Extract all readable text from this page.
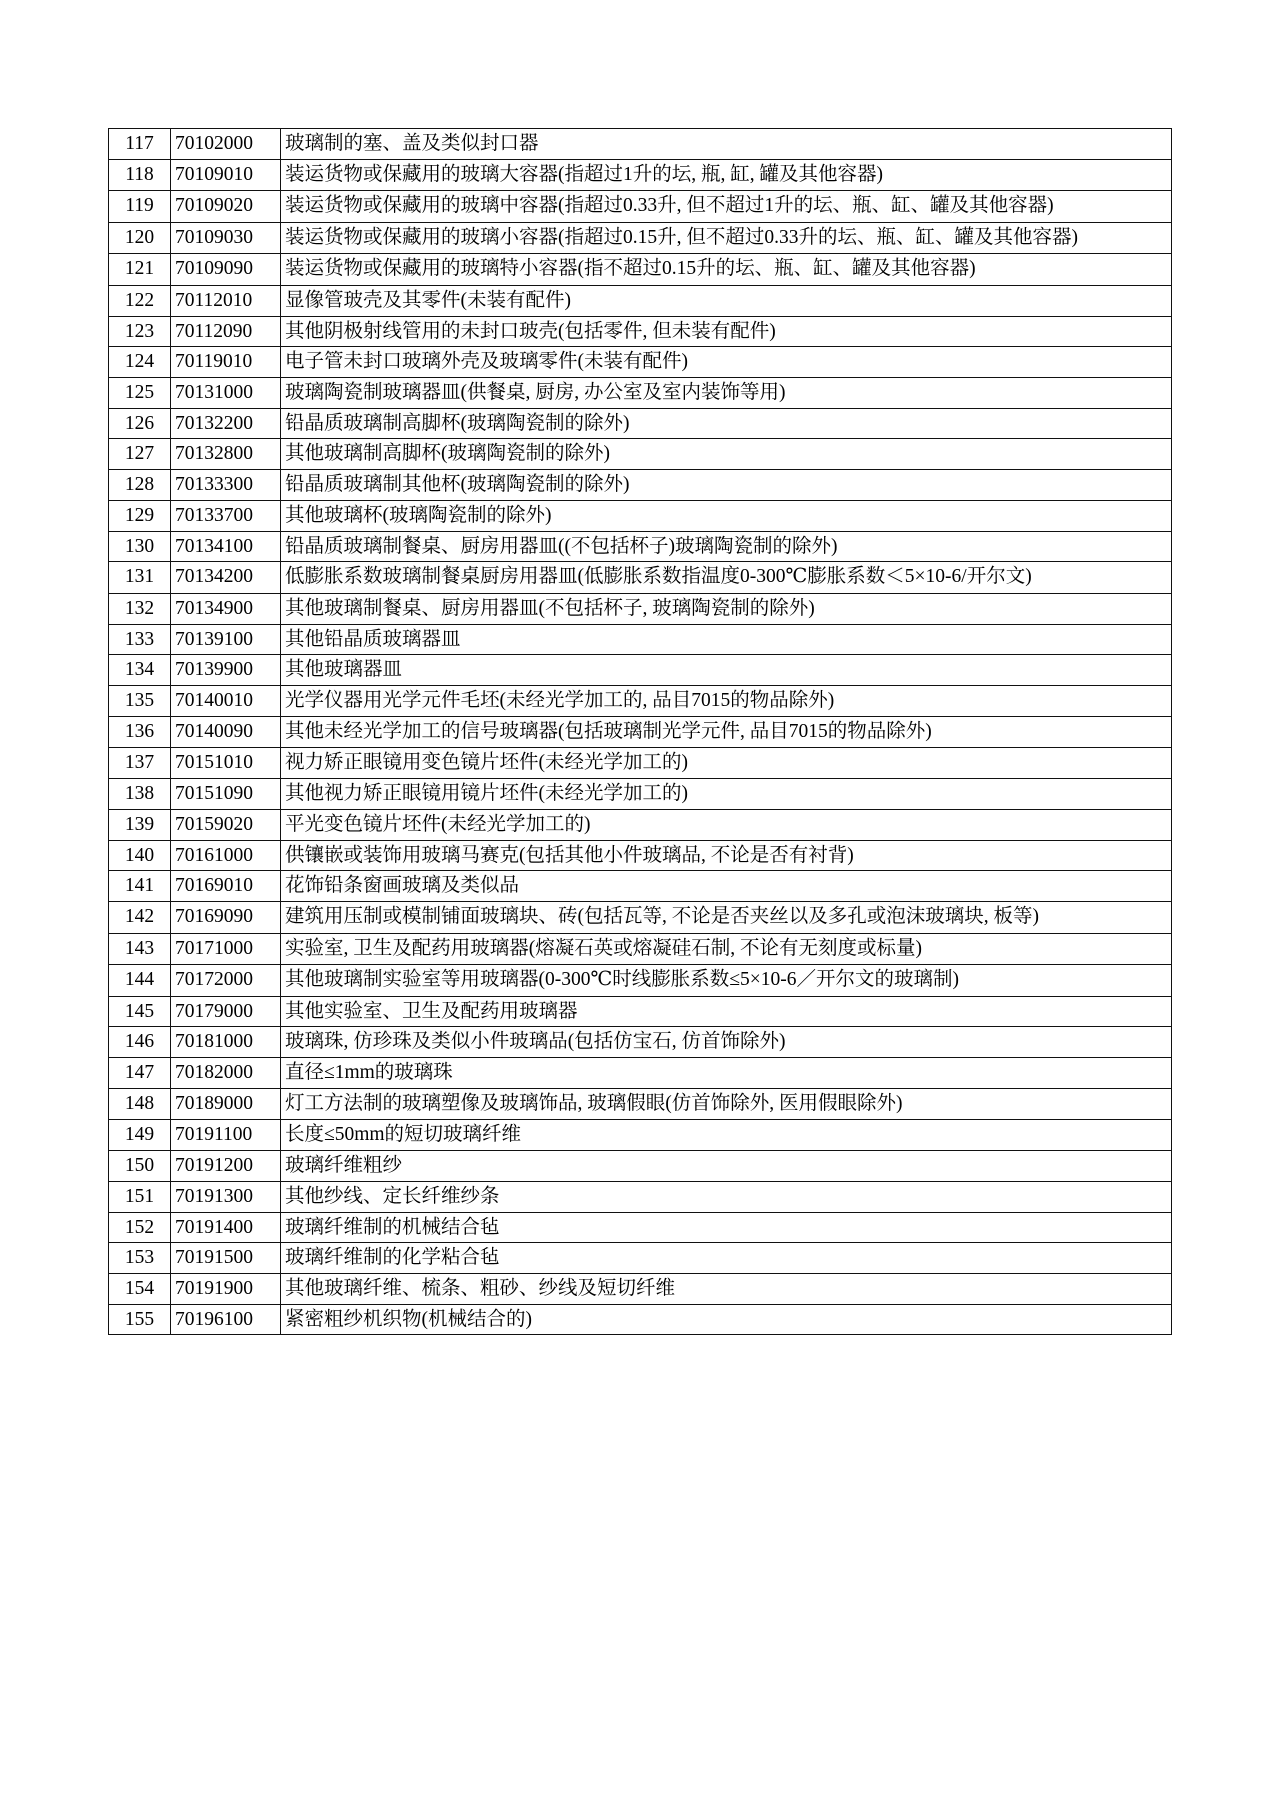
117	70102000	玻璃制的塞、盖及类似封口器
118	70109010	装运货物或保藏用的玻璃大容器(指超过1升的坛, 瓶, 缸, 罐及其他容器)
119	70109020	装运货物或保藏用的玻璃中容器(指超过0.33升, 但不超过1升的坛、瓶、缸、罐及其他容器)
120	70109030	装运货物或保藏用的玻璃小容器(指超过0.15升, 但不超过0.33升的坛、瓶、缸、罐及其他容器)
121	70109090	装运货物或保藏用的玻璃特小容器(指不超过0.15升的坛、瓶、缸、罐及其他容器)
122	70112010	显像管玻壳及其零件(未装有配件)
123	70112090	其他阴极射线管用的未封口玻壳(包括零件, 但未装有配件)
124	70119010	电子管未封口玻璃外壳及玻璃零件(未装有配件)
125	70131000	玻璃陶瓷制玻璃器皿(供餐桌, 厨房, 办公室及室内装饰等用)
126	70132200	铅晶质玻璃制高脚杯(玻璃陶瓷制的除外)
127	70132800	其他玻璃制高脚杯(玻璃陶瓷制的除外)
128	70133300	铅晶质玻璃制其他杯(玻璃陶瓷制的除外)
129	70133700	其他玻璃杯(玻璃陶瓷制的除外)
130	70134100	铅晶质玻璃制餐桌、厨房用器皿((不包括杯子)玻璃陶瓷制的除外)
131	70134200	低膨胀系数玻璃制餐桌厨房用器皿(低膨胀系数指温度0-300℃膨胀系数＜5×10-6/开尔文)
132	70134900	其他玻璃制餐桌、厨房用器皿(不包括杯子, 玻璃陶瓷制的除外)
133	70139100	其他铅晶质玻璃器皿
134	70139900	其他玻璃器皿
135	70140010	光学仪器用光学元件毛坯(未经光学加工的, 品目7015的物品除外)
136	70140090	其他未经光学加工的信号玻璃器(包括玻璃制光学元件, 品目7015的物品除外)
137	70151010	视力矫正眼镜用变色镜片坯件(未经光学加工的)
138	70151090	其他视力矫正眼镜用镜片坯件(未经光学加工的)
139	70159020	平光变色镜片坯件(未经光学加工的)
140	70161000	供镶嵌或装饰用玻璃马赛克(包括其他小件玻璃品, 不论是否有衬背)
141	70169010	花饰铅条窗画玻璃及类似品
142	70169090	建筑用压制或模制铺面玻璃块、砖(包括瓦等, 不论是否夹丝以及多孔或泡沫玻璃块, 板等)
143	70171000	实验室, 卫生及配药用玻璃器(熔凝石英或熔凝硅石制, 不论有无刻度或标量)
144	70172000	其他玻璃制实验室等用玻璃器(0-300℃时线膨胀系数≤5×10-6／开尔文的玻璃制)
145	70179000	其他实验室、卫生及配药用玻璃器
146	70181000	玻璃珠, 仿珍珠及类似小件玻璃品(包括仿宝石, 仿首饰除外)
147	70182000	直径≤1mm的玻璃珠
148	70189000	灯工方法制的玻璃塑像及玻璃饰品, 玻璃假眼(仿首饰除外, 医用假眼除外)
149	70191100	长度≤50mm的短切玻璃纤维
150	70191200	玻璃纤维粗纱
151	70191300	其他纱线、定长纤维纱条
152	70191400	玻璃纤维制的机械结合毡
153	70191500	玻璃纤维制的化学粘合毡
154	70191900	其他玻璃纤维、梳条、粗砂、纱线及短切纤维
155	70196100	紧密粗纱机织物(机械结合的)
